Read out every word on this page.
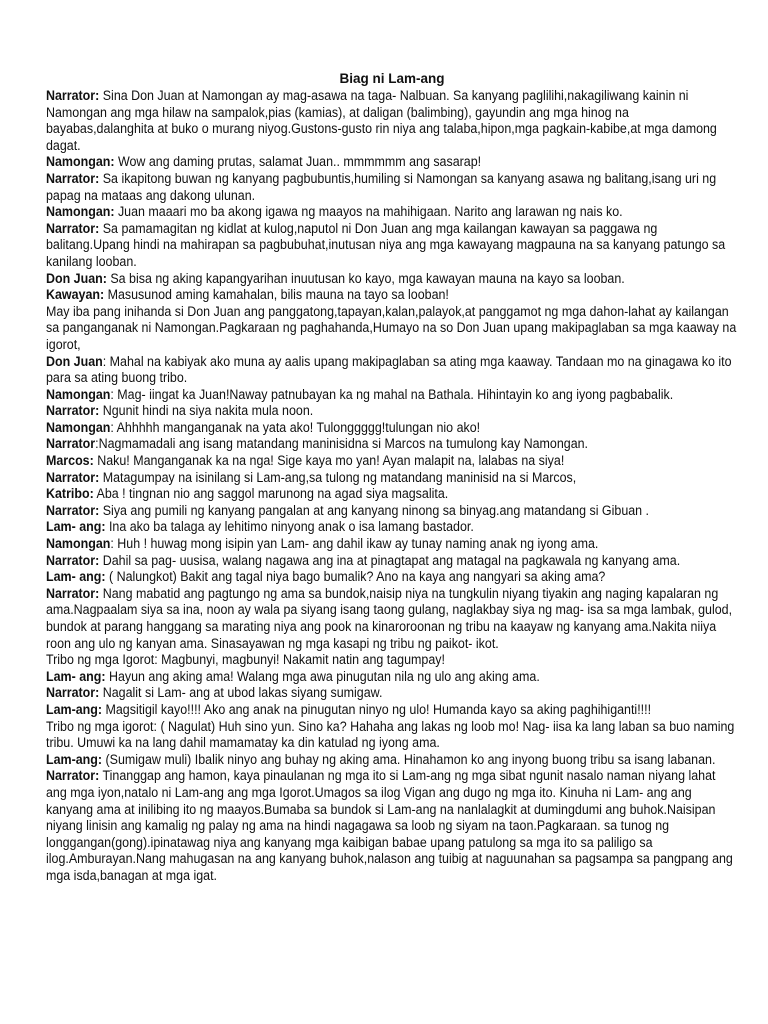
Biag ni Lam-ang

Narrator: Sina Don Juan at Namongan ay mag-asawa na taga- Nalbuan. Sa kanyang paglilihi,nakagiliwang kainin ni Namongan ang mga hilaw na sampalok,pias (kamias), at daligan (balimbing), gayundin ang mga hinog na bayabas,dalanghita at buko o murang niyog.Gustons-gusto rin niya ang talaba,hipon,mga pagkain-kabibe,at mga damong dagat.

Namongan: Wow ang daming prutas, salamat Juan.. mmmmmm ang sasarap!

Narrator: Sa ikapitong buwan ng kanyang pagbubuntis,humiling si Namongan sa kanyang asawa ng balitang,isang uri ng papag na mataas ang dakong ulunan.

Namongan: Juan maaari mo ba akong igawa ng maayos na mahihigaan. Narito ang larawan ng nais ko.

Narrator: Sa pamamagitan ng kidlat at kulog,naputol ni Don Juan ang mga kailangan kawayan sa paggawa ng balitang.Upang hindi na mahirapan sa pagbubuhat,inutusan niya ang mga kawayang magpauna na sa kanyang patungo sa kanilang looban.

Don Juan: Sa bisa ng aking kapangyarihan inuutusan ko kayo, mga kawayan mauna na kayo sa looban.

Kawayan: Masusunod aming kamahalan, bilis mauna na tayo sa looban!

May iba pang inihanda si Don Juan ang panggatong,tapayan,kalan,palayok,at panggamot ng mga dahon-lahat ay kailangan sa panganganak ni Namongan.Pagkaraan ng paghahanda,Humayo na so Don Juan upang makipaglaban sa mga kaaway na igorot,

Don Juan: Mahal na kabiyak ako muna ay aalis upang makipaglaban sa ating mga kaaway. Tandaan mo na ginagawa ko ito para sa ating buong tribo.

Namongan: Mag- iingat ka Juan!Naway patnubayan ka ng mahal na Bathala. Hihintayin ko ang iyong pagbabalik.

Narrator: Ngunit hindi na siya nakita mula noon.

Namongan: Ahhhhh manganganak na yata ako! Tulonggggg!tulungan nio ako!

Narrator:Nagmamadali ang isang matandang maninisidna si Marcos na tumulong kay Namongan.

Marcos: Naku! Manganganak ka na nga! Sige kaya mo yan! Ayan malapit na, lalabas na siya!

Narrator: Matagumpay na isinilang si Lam-ang,sa tulong ng matandang maninisid na si Marcos,

Katribo: Aba ! tingnan nio ang saggol marunong na agad siya magsalita.

Narrator: Siya ang pumili ng kanyang pangalan at ang kanyang ninong sa binyag.ang matandang si Gibuan .

Lam- ang: Ina ako ba talaga ay lehitimo ninyong anak o isa lamang bastador.

Namongan: Huh ! huwag mong isipin yan Lam- ang dahil ikaw ay tunay naming anak ng iyong ama.

Narrator: Dahil sa pag- uusisa, walang nagawa ang ina at pinagtapat ang matagal na pagkawala ng kanyang ama.

Lam- ang: ( Nalungkot) Bakit ang tagal niya bago bumalik? Ano na kaya ang nangyari sa aking ama?

Narrator: Nang mabatid ang pagtungo ng ama sa bundok,naisip niya na tungkulin niyang tiyakin ang naging kapalaran ng ama.Nagpaalam siya sa ina, noon ay wala pa siyang isang taong gulang, naglakbay siya ng mag- isa sa mga lambak, gulod, bundok at parang hanggang sa marating niya ang pook na kinaroroonan ng tribu na kaayaw ng kanyang ama.Nakita niiya roon ang ulo ng kanyan ama. Sinasayawan ng mga kasapi ng tribu ng paikot- ikot.

Tribo ng mga Igorot: Magbunyi, magbunyi! Nakamit natin ang tagumpay!

Lam- ang: Hayun ang aking ama! Walang mga awa pinugutan nila ng ulo ang aking ama.

Narrator: Nagalit si Lam- ang at ubod lakas siyang sumigaw.

Lam-ang: Magsitigil kayo!!!! Ako ang anak na pinugutan ninyo ng ulo! Humanda kayo sa aking paghihiganti!!!!

Tribo ng mga igorot: ( Nagulat) Huh sino yun. Sino ka? Hahaha ang lakas ng loob mo! Nag- iisa ka lang laban sa buo naming tribu. Umuwi ka na lang dahil mamamatay ka din katulad ng iyong ama.

Lam-ang: (Sumigaw muli) Ibalik ninyo ang buhay ng aking ama. Hinahamon ko ang inyong buong tribu sa isang labanan.

Narrator: Tinanggap ang hamon, kaya pinaulanan ng mga ito si Lam-ang ng mga sibat ngunit nasalo naman niyang lahat ang mga iyon,natalo ni Lam-ang ang mga Igorot.Umagos sa ilog Vigan ang dugo ng mga ito. Kinuha ni Lam- ang ang kanyang ama at inilibing ito ng maayos.Bumaba sa bundok si Lam-ang na nanlalagkit at dumingdumi ang buhok.Naisipan niyang linisin ang kamalig ng palay ng ama na hindi nagagawa sa loob ng siyam na taon.Pagkaraan. sa tunog ng longgangan(gong).ipinatawag niya ang kanyang mga kaibigan babae upang patulong sa mga ito sa paliligo sa ilog.Amburayan.Nang mahugasan na ang kanyang buhok,nalason ang tuibig at naguunahan sa pagsampa sa pangpang ang mga isda,banagan at mga igat.
